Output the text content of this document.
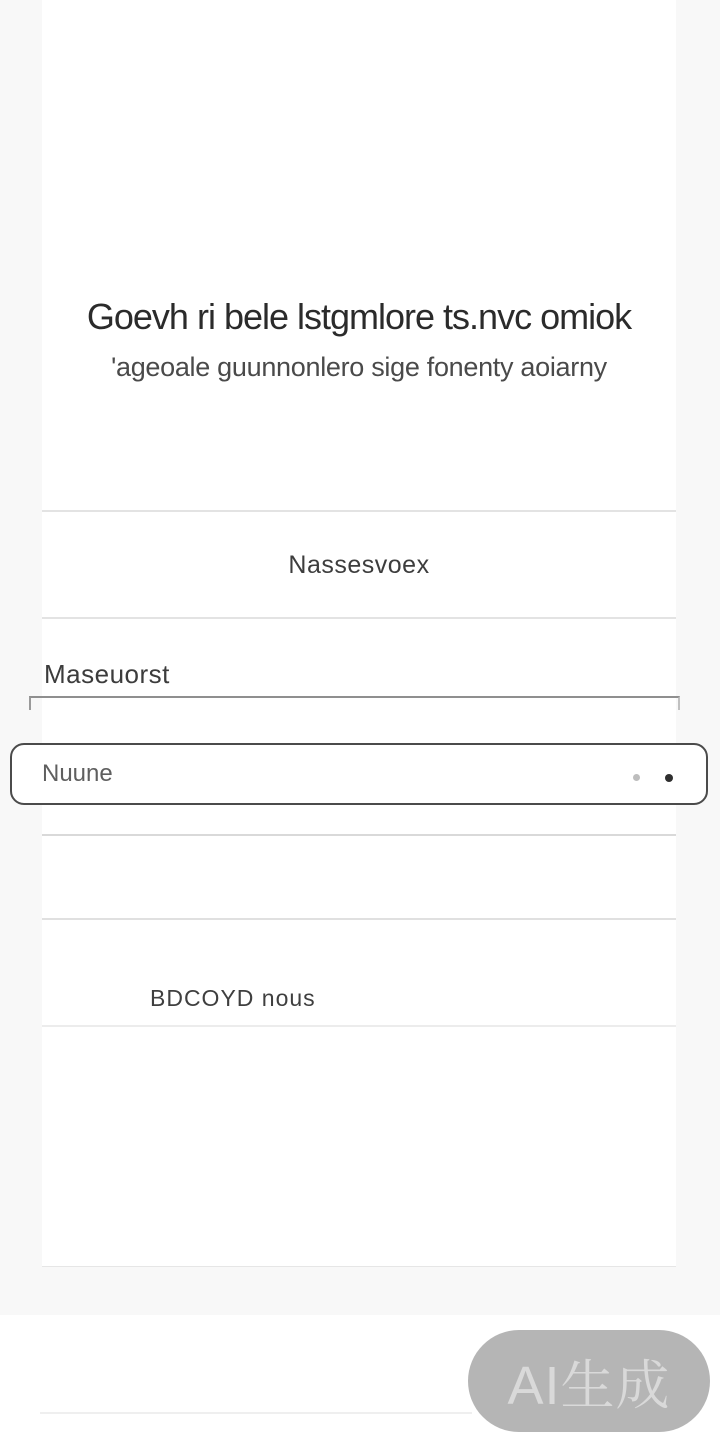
Goevh ri bele lstgmlore ts.nvc omiok
'ageoale guunnonlero sige fonenty aoiarny
Nassesvoex
Maseuorst
Nuune
BDCOYD nous
AI生成
